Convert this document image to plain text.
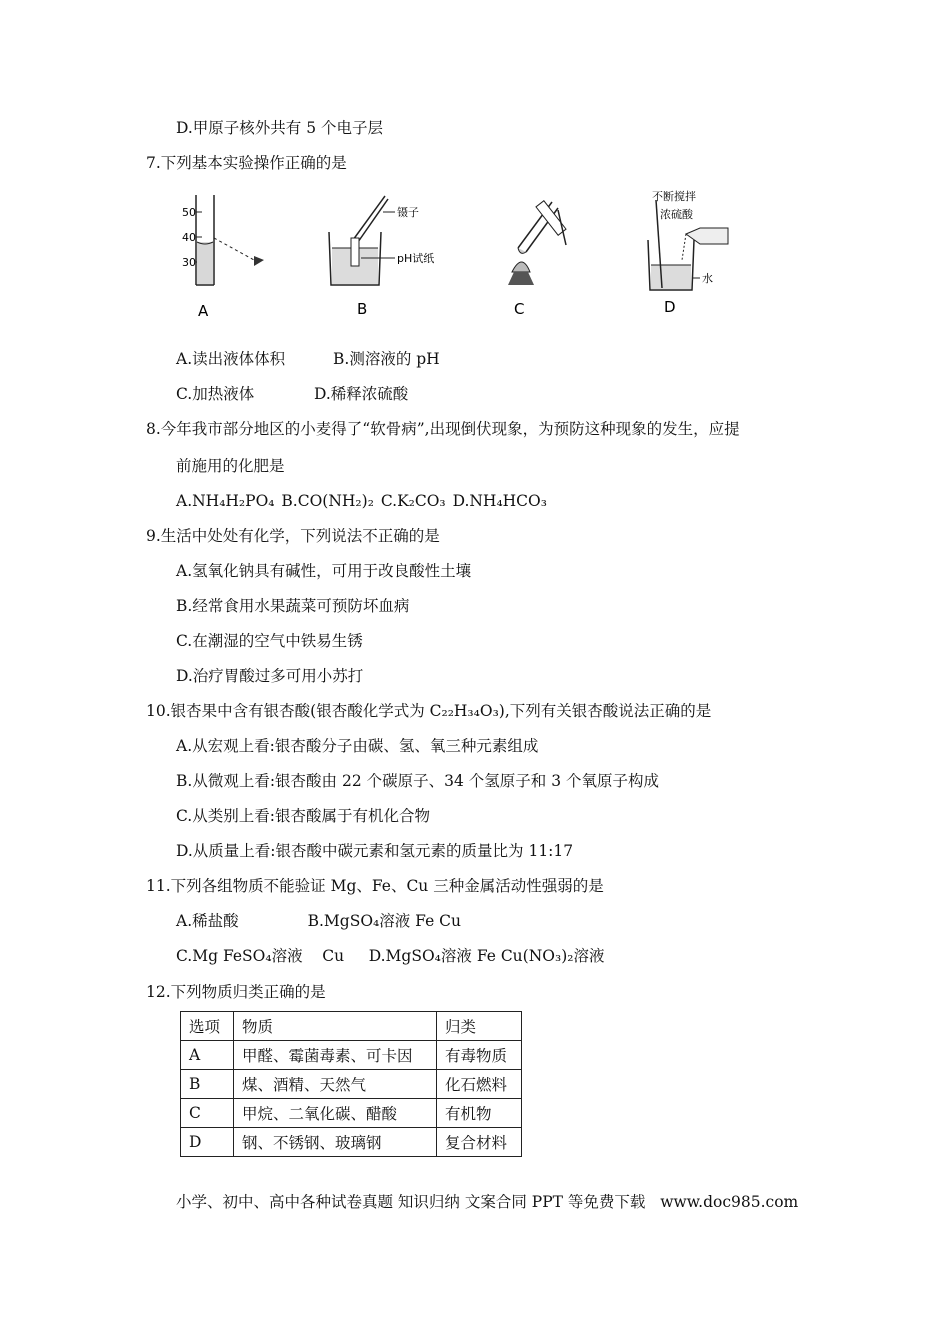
D.甲原子核外共有 5 个电子层
7.下列基本实验操作正确的是
50
40
30
A
镊子
pH试纸
B	C
不断搅拌
浓硫酸
水
D
A.读出液体体积	B.测溶液的 pH
C.加热液体	D.稀释浓硫酸
8.今年我市部分地区的小麦得了“软骨病”,出现倒伏现象，为预防这种现象的发生，应提
前施用的化肥是
A.NH₄H₂PO₄ B.CO(NH₂)₂ C.K₂CO₃ D.NH₄HCO₃
9.生活中处处有化学，下列说法不正确的是
A.氢氧化钠具有碱性，可用于改良酸性土壤
B.经常食用水果蔬菜可预防坏血病
C.在潮湿的空气中铁易生锈
D.治疗胃酸过多可用小苏打
10.银杏果中含有银杏酸(银杏酸化学式为 C₂₂H₃₄O₃),下列有关银杏酸说法正确的是
A.从宏观上看:银杏酸分子由碳、氢、氧三种元素组成
B.从微观上看:银杏酸由 22 个碳原子、34 个氢原子和 3 个氧原子构成
C.从类别上看:银杏酸属于有机化合物
D.从质量上看:银杏酸中碳元素和氢元素的质量比为 11:17
11.下列各组物质不能验证 Mg、Fe、Cu 三种金属活动性强弱的是
A.稀盐酸              B.MgSO₄溶液 Fe Cu
C.Mg FeSO₄溶液    Cu     D.MgSO₄溶液 Fe Cu(NO₃)₂溶液
12.下列物质归类正确的是
选项	物质	归类
A	甲醛、霉菌毒素、可卡因	有毒物质
B	煤、酒精、天然气	化石燃料
C	甲烷、二氧化碳、醋酸	有机物
D	钢、不锈钢、玻璃钢	复合材料
小学、初中、高中各种试卷真题 知识归纳 文案合同 PPT 等免费下载   www.doc985.com
